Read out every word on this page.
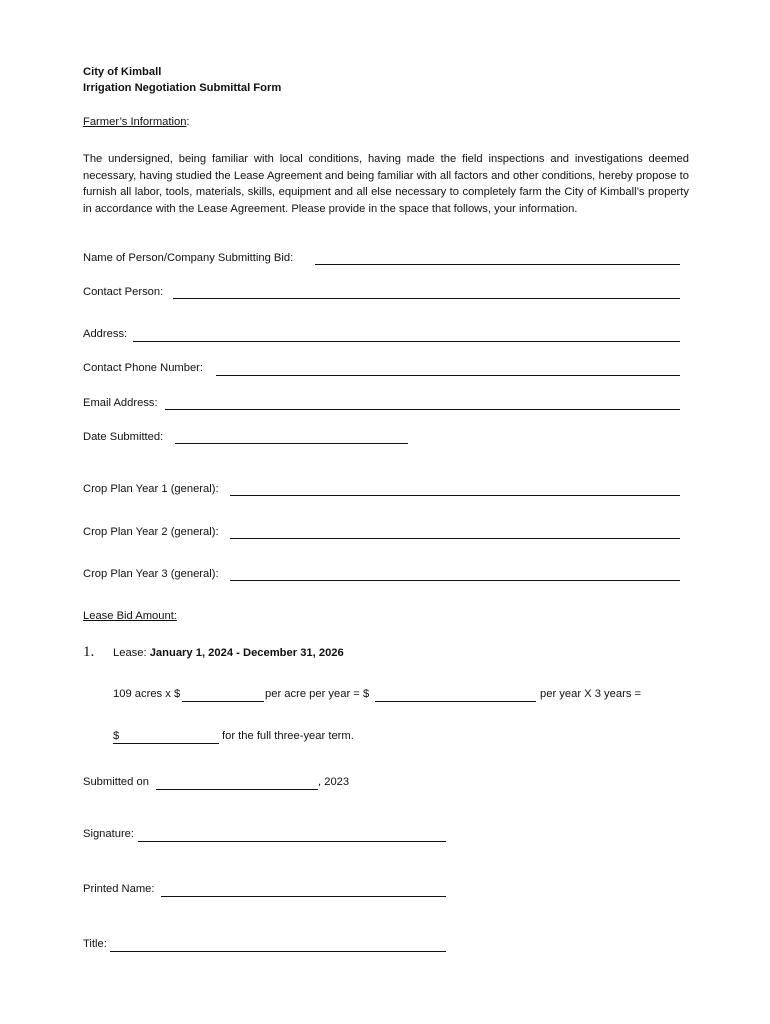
City of Kimball
Irrigation Negotiation Submittal Form
Farmer’s Information:
The undersigned, being familiar with local conditions, having made the field inspections and investigations deemed necessary, having studied the Lease Agreement and being familiar with all factors and other conditions, hereby propose to furnish all labor, tools, materials, skills, equipment and all else necessary to completely farm the City of Kimball’s property in accordance with the Lease Agreement. Please provide in the space that follows, your information.
Name of Person/Company Submitting Bid:
Contact Person:
Address:
Contact Phone Number:
Email Address:
Date Submitted:
Crop Plan Year 1 (general):
Crop Plan Year 2 (general):
Crop Plan Year 3 (general):
Lease Bid Amount:
1. Lease: January 1, 2024 - December 31, 2026
109 acres x $	per acre per year = $	per year X 3 years =
$	for the full three-year term.
Submitted on	, 2023
Signature:
Printed Name:
Title:
